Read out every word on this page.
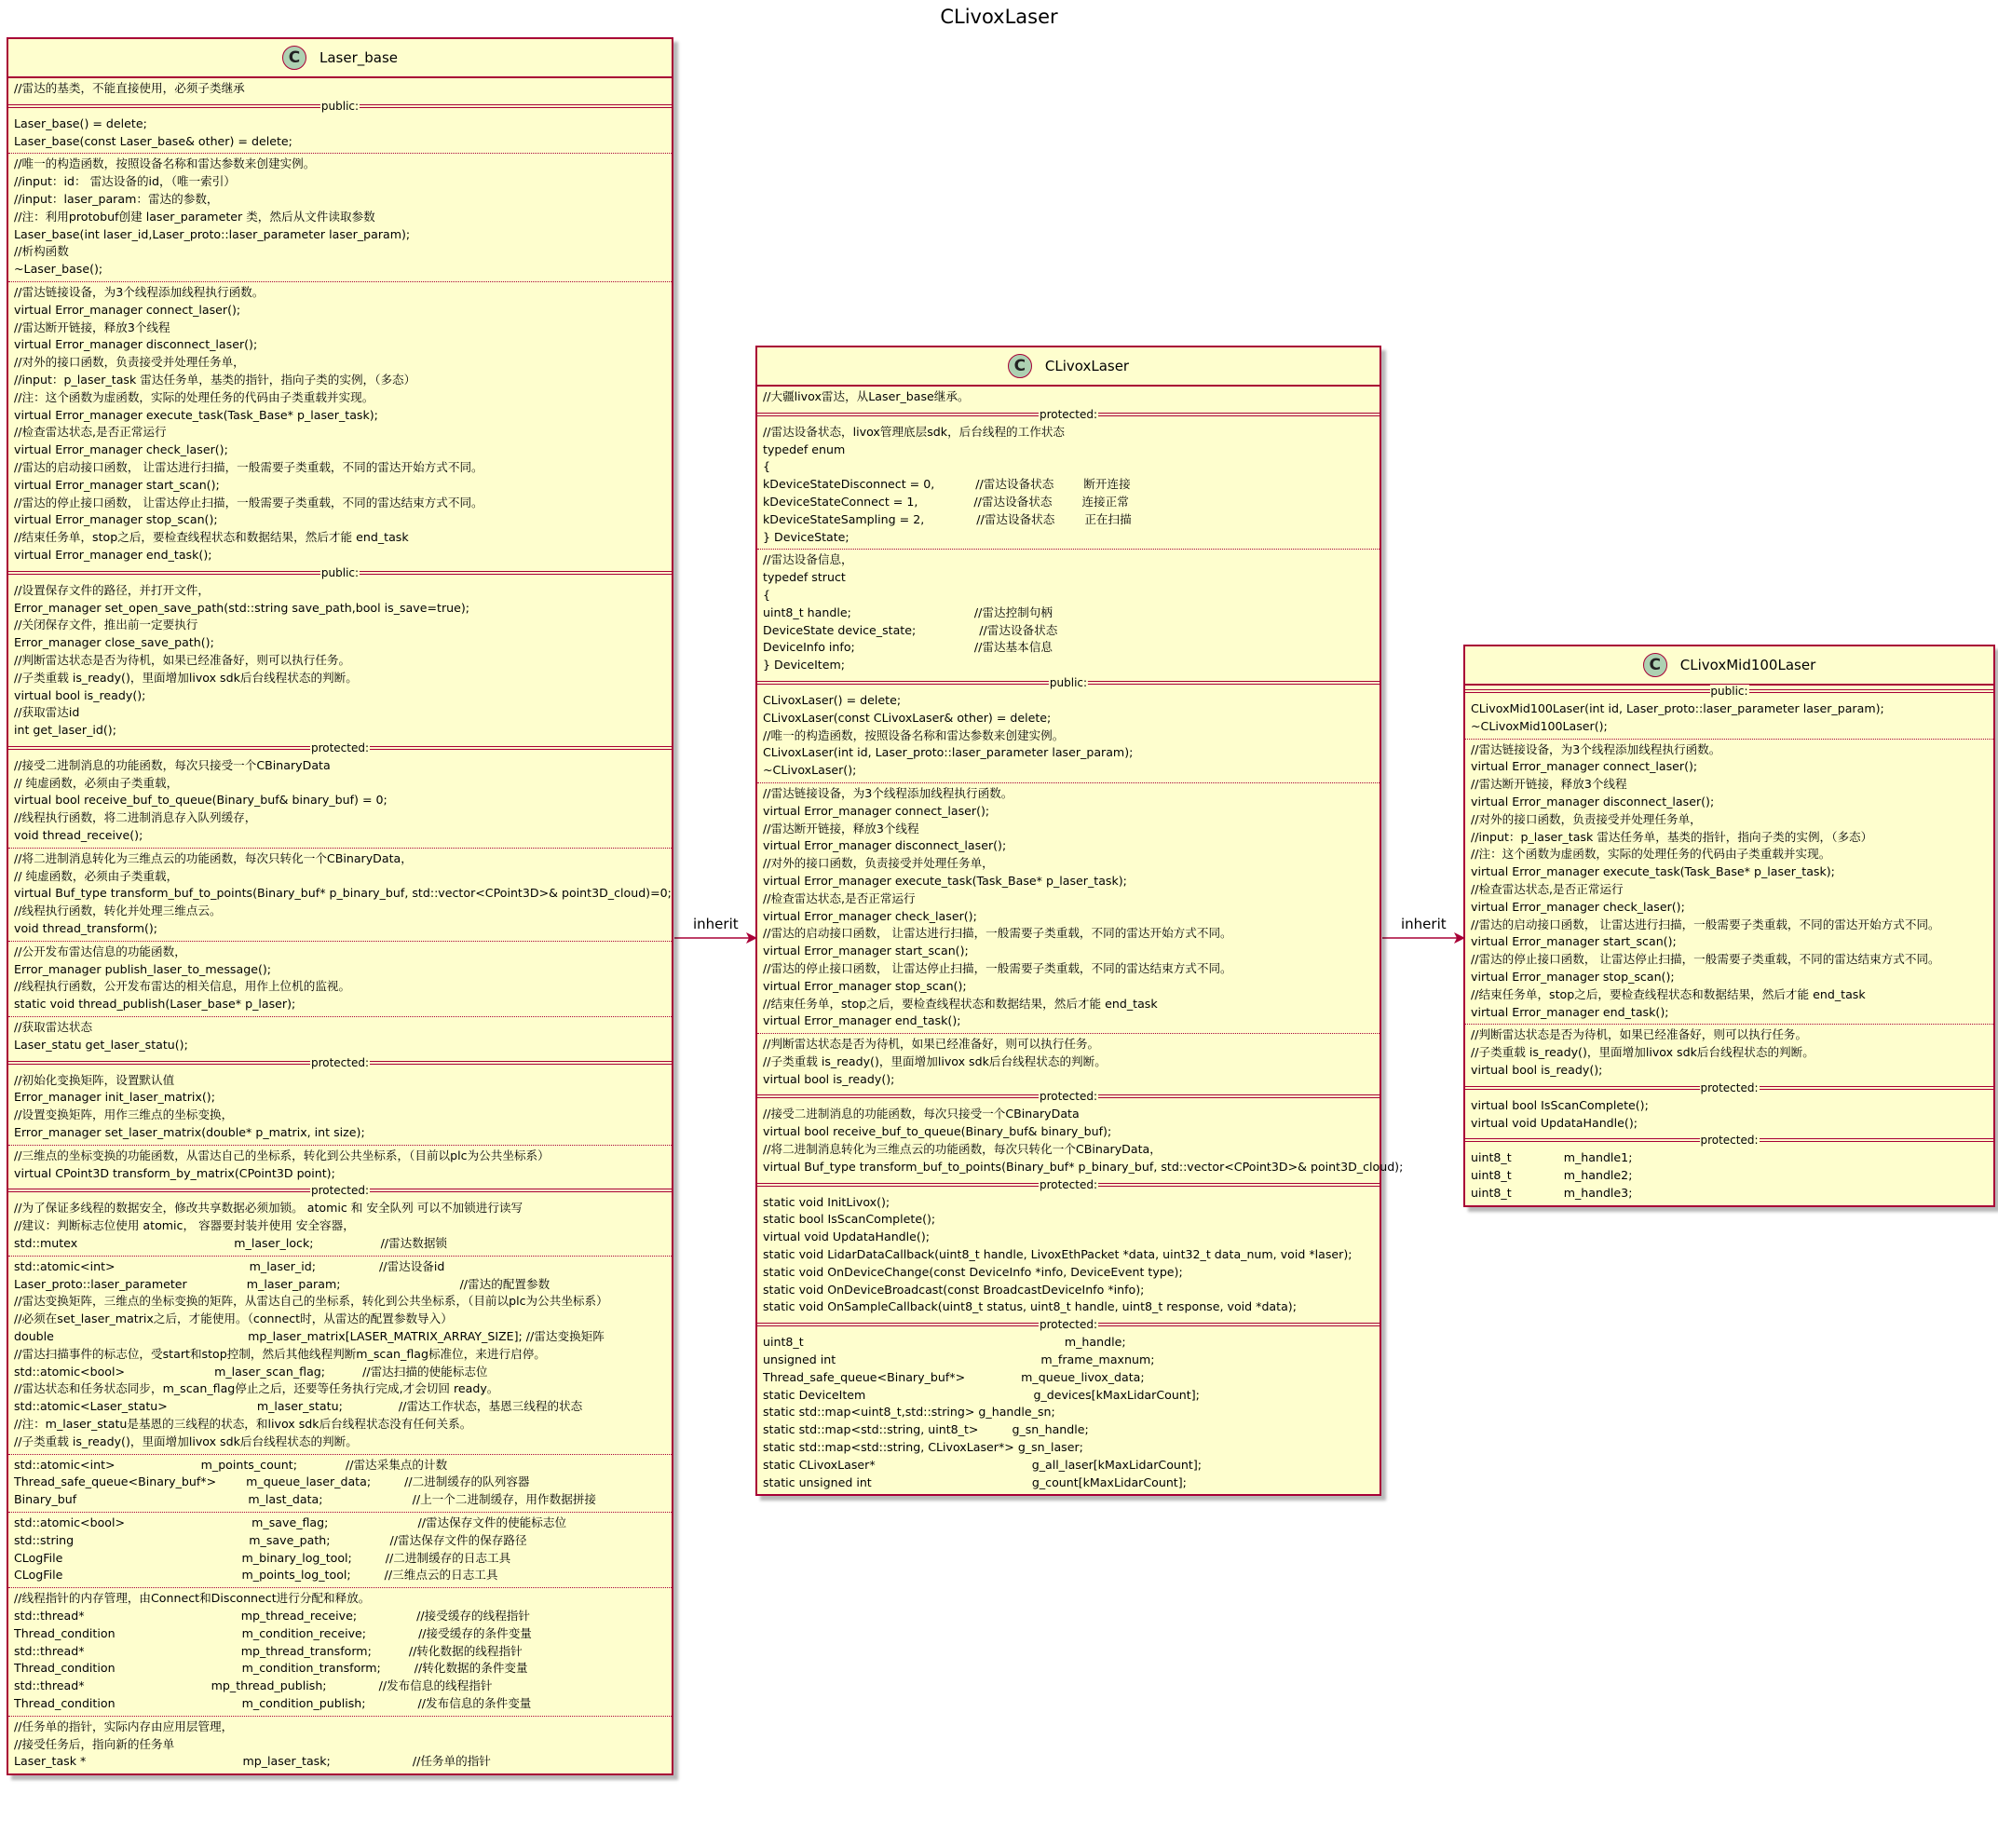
CLivoxLaser
inherit	inherit
C	Laser_base
//雷达的基类，不能直接使用，必须子类继承
public:
Laser_base() = delete;
Laser_base(const Laser_base& other) = delete;
//唯一的构造函数，按照设备名称和雷达参数来创建实例。
//input：id： 雷达设备的id，（唯一索引）
//input：laser_param：雷达的参数，
//注：利用protobuf创建 laser_parameter 类，然后从文件读取参数
Laser_base(int laser_id,Laser_proto::laser_parameter laser_param);
//析构函数
~Laser_base();
//雷达链接设备，为3个线程添加线程执行函数。
virtual Error_manager connect_laser();
//雷达断开链接，释放3个线程
virtual Error_manager disconnect_laser();
//对外的接口函数，负责接受并处理任务单，
//input：p_laser_task 雷达任务单，基类的指针，指向子类的实例，（多态）
//注：这个函数为虚函数，实际的处理任务的代码由子类重载并实现。
virtual Error_manager execute_task(Task_Base* p_laser_task);
//检查雷达状态,是否正常运行
virtual Error_manager check_laser();
//雷达的启动接口函数， 让雷达进行扫描，一般需要子类重载，不同的雷达开始方式不同。
virtual Error_manager start_scan();
//雷达的停止接口函数， 让雷达停止扫描，一般需要子类重载，不同的雷达结束方式不同。
virtual Error_manager stop_scan();
//结束任务单，stop之后，要检查线程状态和数据结果，然后才能 end_task
virtual Error_manager end_task();
public:
//设置保存文件的路径，并打开文件，
Error_manager set_open_save_path(std::string save_path,bool is_save=true);
//关闭保存文件，推出前一定要执行
Error_manager close_save_path();
//判断雷达状态是否为待机，如果已经准备好，则可以执行任务。
//子类重载 is_ready()，里面增加livox sdk后台线程状态的判断。
virtual bool is_ready();
//获取雷达id
int get_laser_id();
protected:
//接受二进制消息的功能函数，每次只接受一个CBinaryData
// 纯虚函数，必须由子类重载，
virtual bool receive_buf_to_queue(Binary_buf& binary_buf) = 0;
//线程执行函数，将二进制消息存入队列缓存，
void thread_receive();
//将二进制消息转化为三维点云的功能函数，每次只转化一个CBinaryData，
// 纯虚函数，必须由子类重载，
virtual Buf_type transform_buf_to_points(Binary_buf* p_binary_buf, std::vector<CPoint3D>& point3D_cloud)=0;
//线程执行函数，转化并处理三维点云。
void thread_transform();
//公开发布雷达信息的功能函数，
Error_manager publish_laser_to_message();
//线程执行函数，公开发布雷达的相关信息，用作上位机的监视。
static void thread_publish(Laser_base* p_laser);
//获取雷达状态
Laser_statu get_laser_statu();
protected:
//初始化变换矩阵，设置默认值
Error_manager init_laser_matrix();
//设置变换矩阵，用作三维点的坐标变换，
Error_manager set_laser_matrix(double* p_matrix, int size);
//三维点的坐标变换的功能函数，从雷达自己的坐标系，转化到公共坐标系，（目前以plc为公共坐标系）
virtual CPoint3D transform_by_matrix(CPoint3D point);
protected:
//为了保证多线程的数据安全，修改共享数据必须加锁。 atomic 和 安全队列 可以不加锁进行读写
//建议：判断标志位使用 atomic， 容器要封装并使用 安全容器，
std::mutex                                          m_laser_lock;                  //雷达数据锁
std::atomic<int>                                    m_laser_id;                 //雷达设备id
Laser_proto::laser_parameter                m_laser_param;                                //雷达的配置参数
//雷达变换矩阵，三维点的坐标变换的矩阵，从雷达自己的坐标系，转化到公共坐标系，（目前以plc为公共坐标系）
//必须在set_laser_matrix之后，才能使用。（connect时，从雷达的配置参数导入）
double                                                    mp_laser_matrix[LASER_MATRIX_ARRAY_SIZE]; //雷达变换矩阵
//雷达扫描事件的标志位，受start和stop控制，然后其他线程判断m_scan_flag标准位，来进行启停。
std::atomic<bool>                        m_laser_scan_flag;          //雷达扫描的使能标志位
//雷达状态和任务状态同步，m_scan_flag停止之后，还要等任务执行完成,才会切回 ready。
std::atomic<Laser_statu>                        m_laser_statu;               //雷达工作状态，基恩三线程的状态
//注：m_laser_statu是基恩的三线程的状态，和livox sdk后台线程状态没有任何关系。
//子类重载 is_ready()，里面增加livox sdk后台线程状态的判断。
std::atomic<int>                       m_points_count;             //雷达采集点的计数
Thread_safe_queue<Binary_buf*>        m_queue_laser_data;         //二进制缓存的队列容器
Binary_buf                                              m_last_data;                        //上一个二进制缓存，用作数据拼接
std::atomic<bool>                                  m_save_flag;                        //雷达保存文件的使能标志位
std::string                                               m_save_path;                //雷达保存文件的保存路径
CLogFile                                                m_binary_log_tool;         //二进制缓存的日志工具
CLogFile                                                m_points_log_tool;         //三维点云的日志工具
//线程指针的内存管理，由Connect和Disconnect进行分配和释放。
std::thread*                                          mp_thread_receive;                //接受缓存的线程指针
Thread_condition                                  m_condition_receive;              //接受缓存的条件变量
std::thread*                                          mp_thread_transform;          //转化数据的线程指针
Thread_condition                                  m_condition_transform;         //转化数据的条件变量
std::thread*                                  mp_thread_publish;              //发布信息的线程指针
Thread_condition                                  m_condition_publish;              //发布信息的条件变量
//任务单的指针，实际内存由应用层管理，
//接受任务后，指向新的任务单
Laser_task *                                          mp_laser_task;                      //任务单的指针
C	CLivoxLaser
//大疆livox雷达，从Laser_base继承。
protected:
//雷达设备状态，livox管理底层sdk，后台线程的工作状态
typedef enum
{
kDeviceStateDisconnect = 0,           //雷达设备状态        断开连接
kDeviceStateConnect = 1,               //雷达设备状态        连接正常
kDeviceStateSampling = 2,              //雷达设备状态        正在扫描
} DeviceState;
//雷达设备信息，
typedef struct
{
uint8_t handle;                                 //雷达控制句柄
DeviceState device_state;                 //雷达设备状态
DeviceInfo info;                                //雷达基本信息
} DeviceItem;
public:
CLivoxLaser() = delete;
CLivoxLaser(const CLivoxLaser& other) = delete;
//唯一的构造函数，按照设备名称和雷达参数来创建实例。
CLivoxLaser(int id, Laser_proto::laser_parameter laser_param);
~CLivoxLaser();
//雷达链接设备，为3个线程添加线程执行函数。
virtual Error_manager connect_laser();
//雷达断开链接，释放3个线程
virtual Error_manager disconnect_laser();
//对外的接口函数，负责接受并处理任务单，
virtual Error_manager execute_task(Task_Base* p_laser_task);
//检查雷达状态,是否正常运行
virtual Error_manager check_laser();
//雷达的启动接口函数， 让雷达进行扫描，一般需要子类重载，不同的雷达开始方式不同。
virtual Error_manager start_scan();
//雷达的停止接口函数， 让雷达停止扫描，一般需要子类重载，不同的雷达结束方式不同。
virtual Error_manager stop_scan();
//结束任务单，stop之后，要检查线程状态和数据结果，然后才能 end_task
virtual Error_manager end_task();
//判断雷达状态是否为待机，如果已经准备好，则可以执行任务。
//子类重载 is_ready()，里面增加livox sdk后台线程状态的判断。
virtual bool is_ready();
protected:
//接受二进制消息的功能函数，每次只接受一个CBinaryData
virtual bool receive_buf_to_queue(Binary_buf& binary_buf);
//将二进制消息转化为三维点云的功能函数，每次只转化一个CBinaryData，
virtual Buf_type transform_buf_to_points(Binary_buf* p_binary_buf, std::vector<CPoint3D>& point3D_cloud);
protected:
static void InitLivox();
static bool IsScanComplete();
virtual void UpdataHandle();
static void LidarDataCallback(uint8_t handle, LivoxEthPacket *data, uint32_t data_num, void *laser);
static void OnDeviceChange(const DeviceInfo *info, DeviceEvent type);
static void OnDeviceBroadcast(const BroadcastDeviceInfo *info);
static void OnSampleCallback(uint8_t status, uint8_t handle, uint8_t response, void *data);
protected:
uint8_t                                                                      m_handle;
unsigned int                                                       m_frame_maxnum;
Thread_safe_queue<Binary_buf*>               m_queue_livox_data;
static DeviceItem                                             g_devices[kMaxLidarCount];
static std::map<uint8_t,std::string> g_handle_sn;
static std::map<std::string, uint8_t>         g_sn_handle;
static std::map<std::string, CLivoxLaser*> g_sn_laser;
static CLivoxLaser*                                          g_all_laser[kMaxLidarCount];
static unsigned int                                           g_count[kMaxLidarCount];
C	CLivoxMid100Laser
public:
CLivoxMid100Laser(int id, Laser_proto::laser_parameter laser_param);
~CLivoxMid100Laser();
//雷达链接设备，为3个线程添加线程执行函数。
virtual Error_manager connect_laser();
//雷达断开链接，释放3个线程
virtual Error_manager disconnect_laser();
//对外的接口函数，负责接受并处理任务单，
//input：p_laser_task 雷达任务单，基类的指针，指向子类的实例，（多态）
//注：这个函数为虚函数，实际的处理任务的代码由子类重载并实现。
virtual Error_manager execute_task(Task_Base* p_laser_task);
//检查雷达状态,是否正常运行
virtual Error_manager check_laser();
//雷达的启动接口函数， 让雷达进行扫描，一般需要子类重载，不同的雷达开始方式不同。
virtual Error_manager start_scan();
//雷达的停止接口函数， 让雷达停止扫描，一般需要子类重载，不同的雷达结束方式不同。
virtual Error_manager stop_scan();
//结束任务单，stop之后，要检查线程状态和数据结果，然后才能 end_task
virtual Error_manager end_task();
//判断雷达状态是否为待机，如果已经准备好，则可以执行任务。
//子类重载 is_ready()，里面增加livox sdk后台线程状态的判断。
virtual bool is_ready();
protected:
virtual bool IsScanComplete();
virtual void UpdataHandle();
protected:
uint8_t              m_handle1;
uint8_t              m_handle2;
uint8_t              m_handle3;
